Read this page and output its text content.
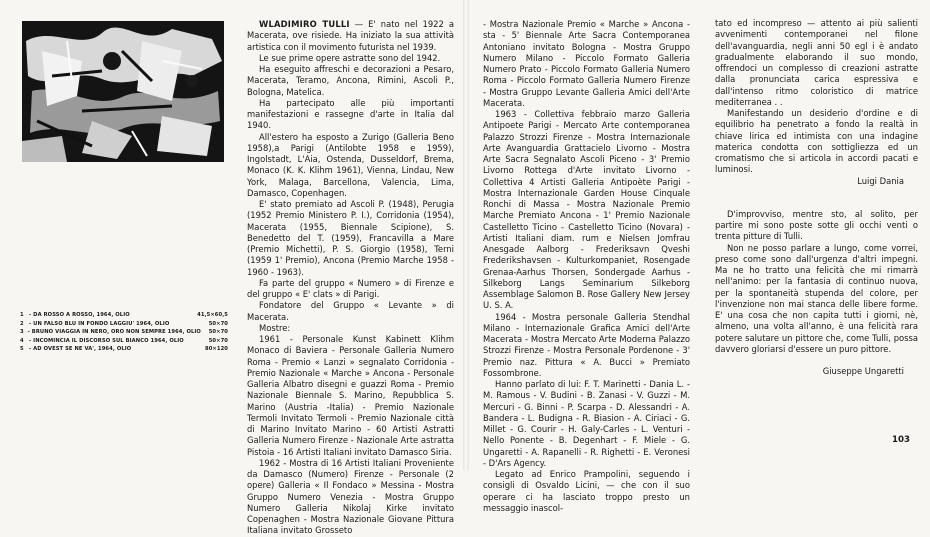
1	- DA ROSSO A ROSSO, 1964, OLIO	41,5×60,5
2	- UN FALSO BLU IN FONDO LAGGIU' 1964, OLIO	50×70
3 - BRUNO VIAGGIA IN NERO, ORO NON SEMPRE 1964, OLIO	50×70
4	- INCOMINCIA IL DISCORSO SUL BIANCO 1964, OLIO	50×70
5	- AD OVEST SE NE VA', 1964, OLIO	80×120

WLADIMIRO TULLI — E' nato nel 1922 a Macerata, ove risiede. Ha iniziato la sua attività artistica con il movimento futurista nel 1939.

Le sue prime opere astratte sono del 1942.

Ha eseguito affreschi e decorazioni a Pesaro, Macerata, Teramo, Ancona, Rimini, Ascoli P., Bologna, Matelica.

Ha partecipato alle più importanti manifestazioni e rassegne d'arte in Italia dal 1940.

All'estero ha esposto a Zurigo (Galleria Beno 1958),a Parigi (Antilobte 1958 e 1959), Ingolstadt, L'Aia, Ostenda, Dusseldorf, Brema, Monaco (K. K. Klihm 1961), Vienna, Lindau, New York, Malaga, Barcellona, Valencia, Lima, Damasco, Copenhagen.

E' stato premiato ad Ascoli P. (1948), Perugia (1952 Premio Ministero P. I.), Corridonia (1954), Macerata (1955, Biennale Scipione), S. Benedetto del T. (1959), Francavilla a Mare (Premio Michetti), P. S. Giorgio (1958), Terni (1959 1' Premio), Ancona (Premio Marche 1958 - 1960 - 1963).

Fa parte del gruppo « Numero » di Firenze e del gruppo « E' clats » di Parigi.

Fondatore del Gruppo « Levante » di Macerata.

Mostre:

1961 - Personale Kunst Kabinett Klihm Monaco di Baviera - Personale Galleria Numero Roma - Premio « Lanzi » segnalato Corridonia - Premio Nazionale « Marche » Ancona - Personale Galleria Albatro disegni e guazzi Roma - Premio Nazionale Biennale S. Marino, Repubblica S. Marino (Austria -Italia) - Premio Nazionale Termoli Invitato Termoli - Premio Nazionale città di Marino Invitato Marino - 60 Artisti Astratti Galleria Numero Firenze - Nazionale Arte astratta Pistoia - 16 Artisti Italiani invitato Damasco Siria.

1962 - Mostra di 16 Artisti Italiani Proveniente da Damasco (Numero) Firenze - Personale (2 opere) Galleria « Il Fondaco » Messina - Mostra Gruppo Numero Venezia - Mostra Gruppo Numero Galleria Nikolaj Kirke invitato Copenaghen - Mostra Nazionale Giovane Pittura Italiana invitato Grosseto

- Mostra Nazionale Premio « Marche » Ancona - sta - 5' Biennale Arte Sacra Contemporanea Antoniano invitato Bologna - Mostra Gruppo Numero Milano - Piccolo Formato Galleria Numero Prato - Piccolo Formato Galleria Numero Roma - Piccolo Formato Galleria Numero Firenze - Mostra Gruppo Levante Galleria Amici dell'Arte Macerata.

1963 - Collettiva febbraio marzo Galleria Antipoete Parigi - Mercato Arte contemporanea Palazzo Strozzi Firenze - Mostra Internazionale Arte Avanguardia Grattacielo Livorno - Mostra Arte Sacra Segnalato Ascoli Piceno - 3' Premio Livorno Rottega d'Arte invitato Livorno - Collettiva 4 Artisti Galleria Antipoète Parigi - Mostra Internazionale Garden House Cinquale Ronchi di Massa - Mostra Nazionale Premio Marche Premiato Ancona - 1' Premio Nazionale Castelletto Ticino - Castelletto Ticino (Novara) - Artisti Italiani diam. rum e Nielsen Jomfrau Anesgade Aalborg - Frederiksavn Qveshi Frederikshavsen - Kulturkompaniet, Rosengade Grenaa-Aarhus Thorsen, Sondergade Aarhus - Silkeborg Langs Seminarium Silkeborg Assemblage Salomon B. Rose Gallery New Jersey U. S. A.

1964 - Mostra personale Galleria Stendhal Milano - Internazionale Grafica Amici dell'Arte Macerata - Mostra Mercato Arte Moderna Palazzo Strozzi Firenze - Mostra Personale Pordenone - 3' Premio naz. Pittura « A. Bucci » Premiato Fossombrone.

Hanno parlato di lui: F. T. Marinetti - Dania L. - M. Ramous - V. Budini - B. Zanasi - V. Guzzi - M. Mercuri - G. Binni - P. Scarpa - D. Alessandri - A. Bandera - L. Budigna - R. Biasion - A. Ciriaci - G. Millet - G. Courir - H. Galy-Carles - L. Venturi - Nello Ponente - B. Degenhart - F. Miele - G. Ungaretti - A. Rapanelli - R. Righetti - E. Veronesi - D'Ars Agency.

Legato ad Enrico Prampolini, seguendo i consigli di Osvaldo Licini, — che con il suo operare ci ha lasciato troppo presto un messaggio inascol-

tato ed incompreso — attento ai più salienti avvenimenti contemporanei nel filone dell'avanguardia, negli anni 50 egl i è andato gradualmente elaborando il suo mondo, offrendoci un complesso di creazioni astratte dalla pronunciata carica espressiva e dall'intenso ritmo coloristico di matrice mediterranea . .

Manifestando un desiderio d'ordine e di equilibrio ha penetrato a fondo la realtà in chiave lirica ed intimista con una indagine materica condotta con sottigliezza ed un cromatismo che si articola in accordi pacati e luminosi.

Luigi Dania

D'improvviso, mentre sto, al solito, per partire mi sono poste sotte gli occhi venti o trenta pitture di Tulli.

Non ne posso parlare a lungo, come vorrei, preso come sono dall'urgenza d'altri impegni. Ma ne ho tratto una felicità che mi rimarrà nell'animo: per la fantasia di continuo nuova, per la spontaneità stupenda del colore, per l'invenzione non mai stanca delle libere forme. E' una cosa che non capita tutti i giorni, nè, almeno, una volta all'anno, è una felicità rara potere salutare un pittore che, come Tulli, possa davvero gloriarsi d'essere un puro pittore.

Giuseppe Ungaretti

103
